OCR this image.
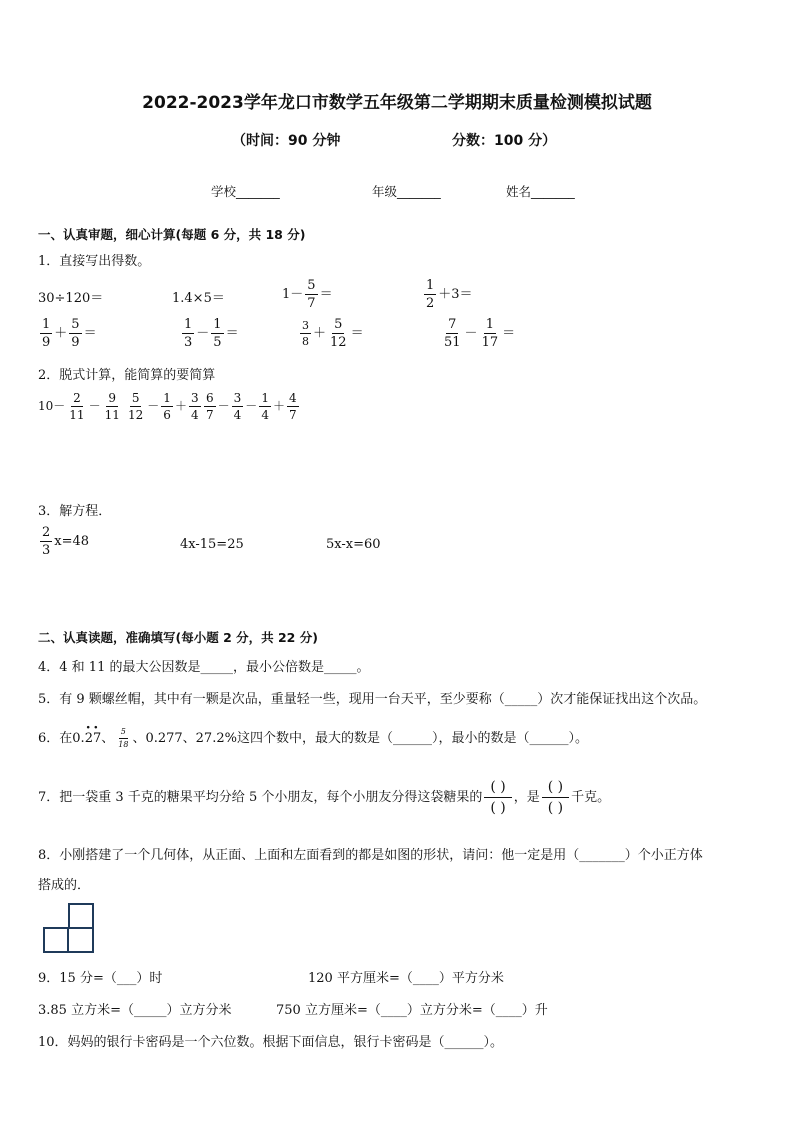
2022-2023学年龙口市数学五年级第二学期期末质量检测模拟试题
（时间：90 分钟	分数：100 分）
学校_______	年级_______	姓名_______
一、认真审题，细心计算(每题 6 分，共 18 分)
1．直接写出得数。
30÷120＝	1.4×5＝	$1- \frac{5}{7}$ ＝	$\frac{1}{2} +3=$
$\frac{1}{9} + \frac{5}{9}$ ＝	$\frac{1}{3} - \frac{1}{5}$ ＝	$\frac{3}{8} + \frac{5}{12}$ ＝	$\frac{7}{51} - \frac{1}{17}$ ＝
2．脱式计算，能简算的要简算
$10- \frac{2}{11} - \frac{9}{11} \frac{5}{12} - \frac{1}{6} + \frac{3}{4} \frac{6}{7} - \frac{3}{4} - \frac{1}{4} + \frac{4}{7}$
3．解方程．
$\frac{2}{3} x=48$	4x-15=25	5x-x=60
二、认真读题，准确填写(每小题 2 分，共 22 分)
4．4 和 11 的最大公因数是_____，最小公倍数是_____。
5．有 9 颗螺丝帽，其中有一颗是次品，重量轻一些，现用一台天平，至少要称（_____）次才能保证找出这个次品。
6．在0.· · 27、 $\frac{5}{18}$ 、0.277、27.2%这四个数中，最大的数是（______），最小的数是（______）。
7．把一袋重 3 千克的糖果平均分给 5 个小朋友，每个小朋友分得这袋糖果的
( )
( )
，是
( )
( )
千克。
8．小刚搭建了一个几何体，从正面、上面和左面看到的都是如图的形状，请问：他一定是用（_______）个小正方体
搭成的．
9．15 分=（___）时	120 平方厘米=（____）平方分米
3.85 立方米=（_____）立方分米	750 立方厘米=（____）立方分米=（____）升
10．妈妈的银行卡密码是一个六位数。根据下面信息，银行卡密码是（______）。
